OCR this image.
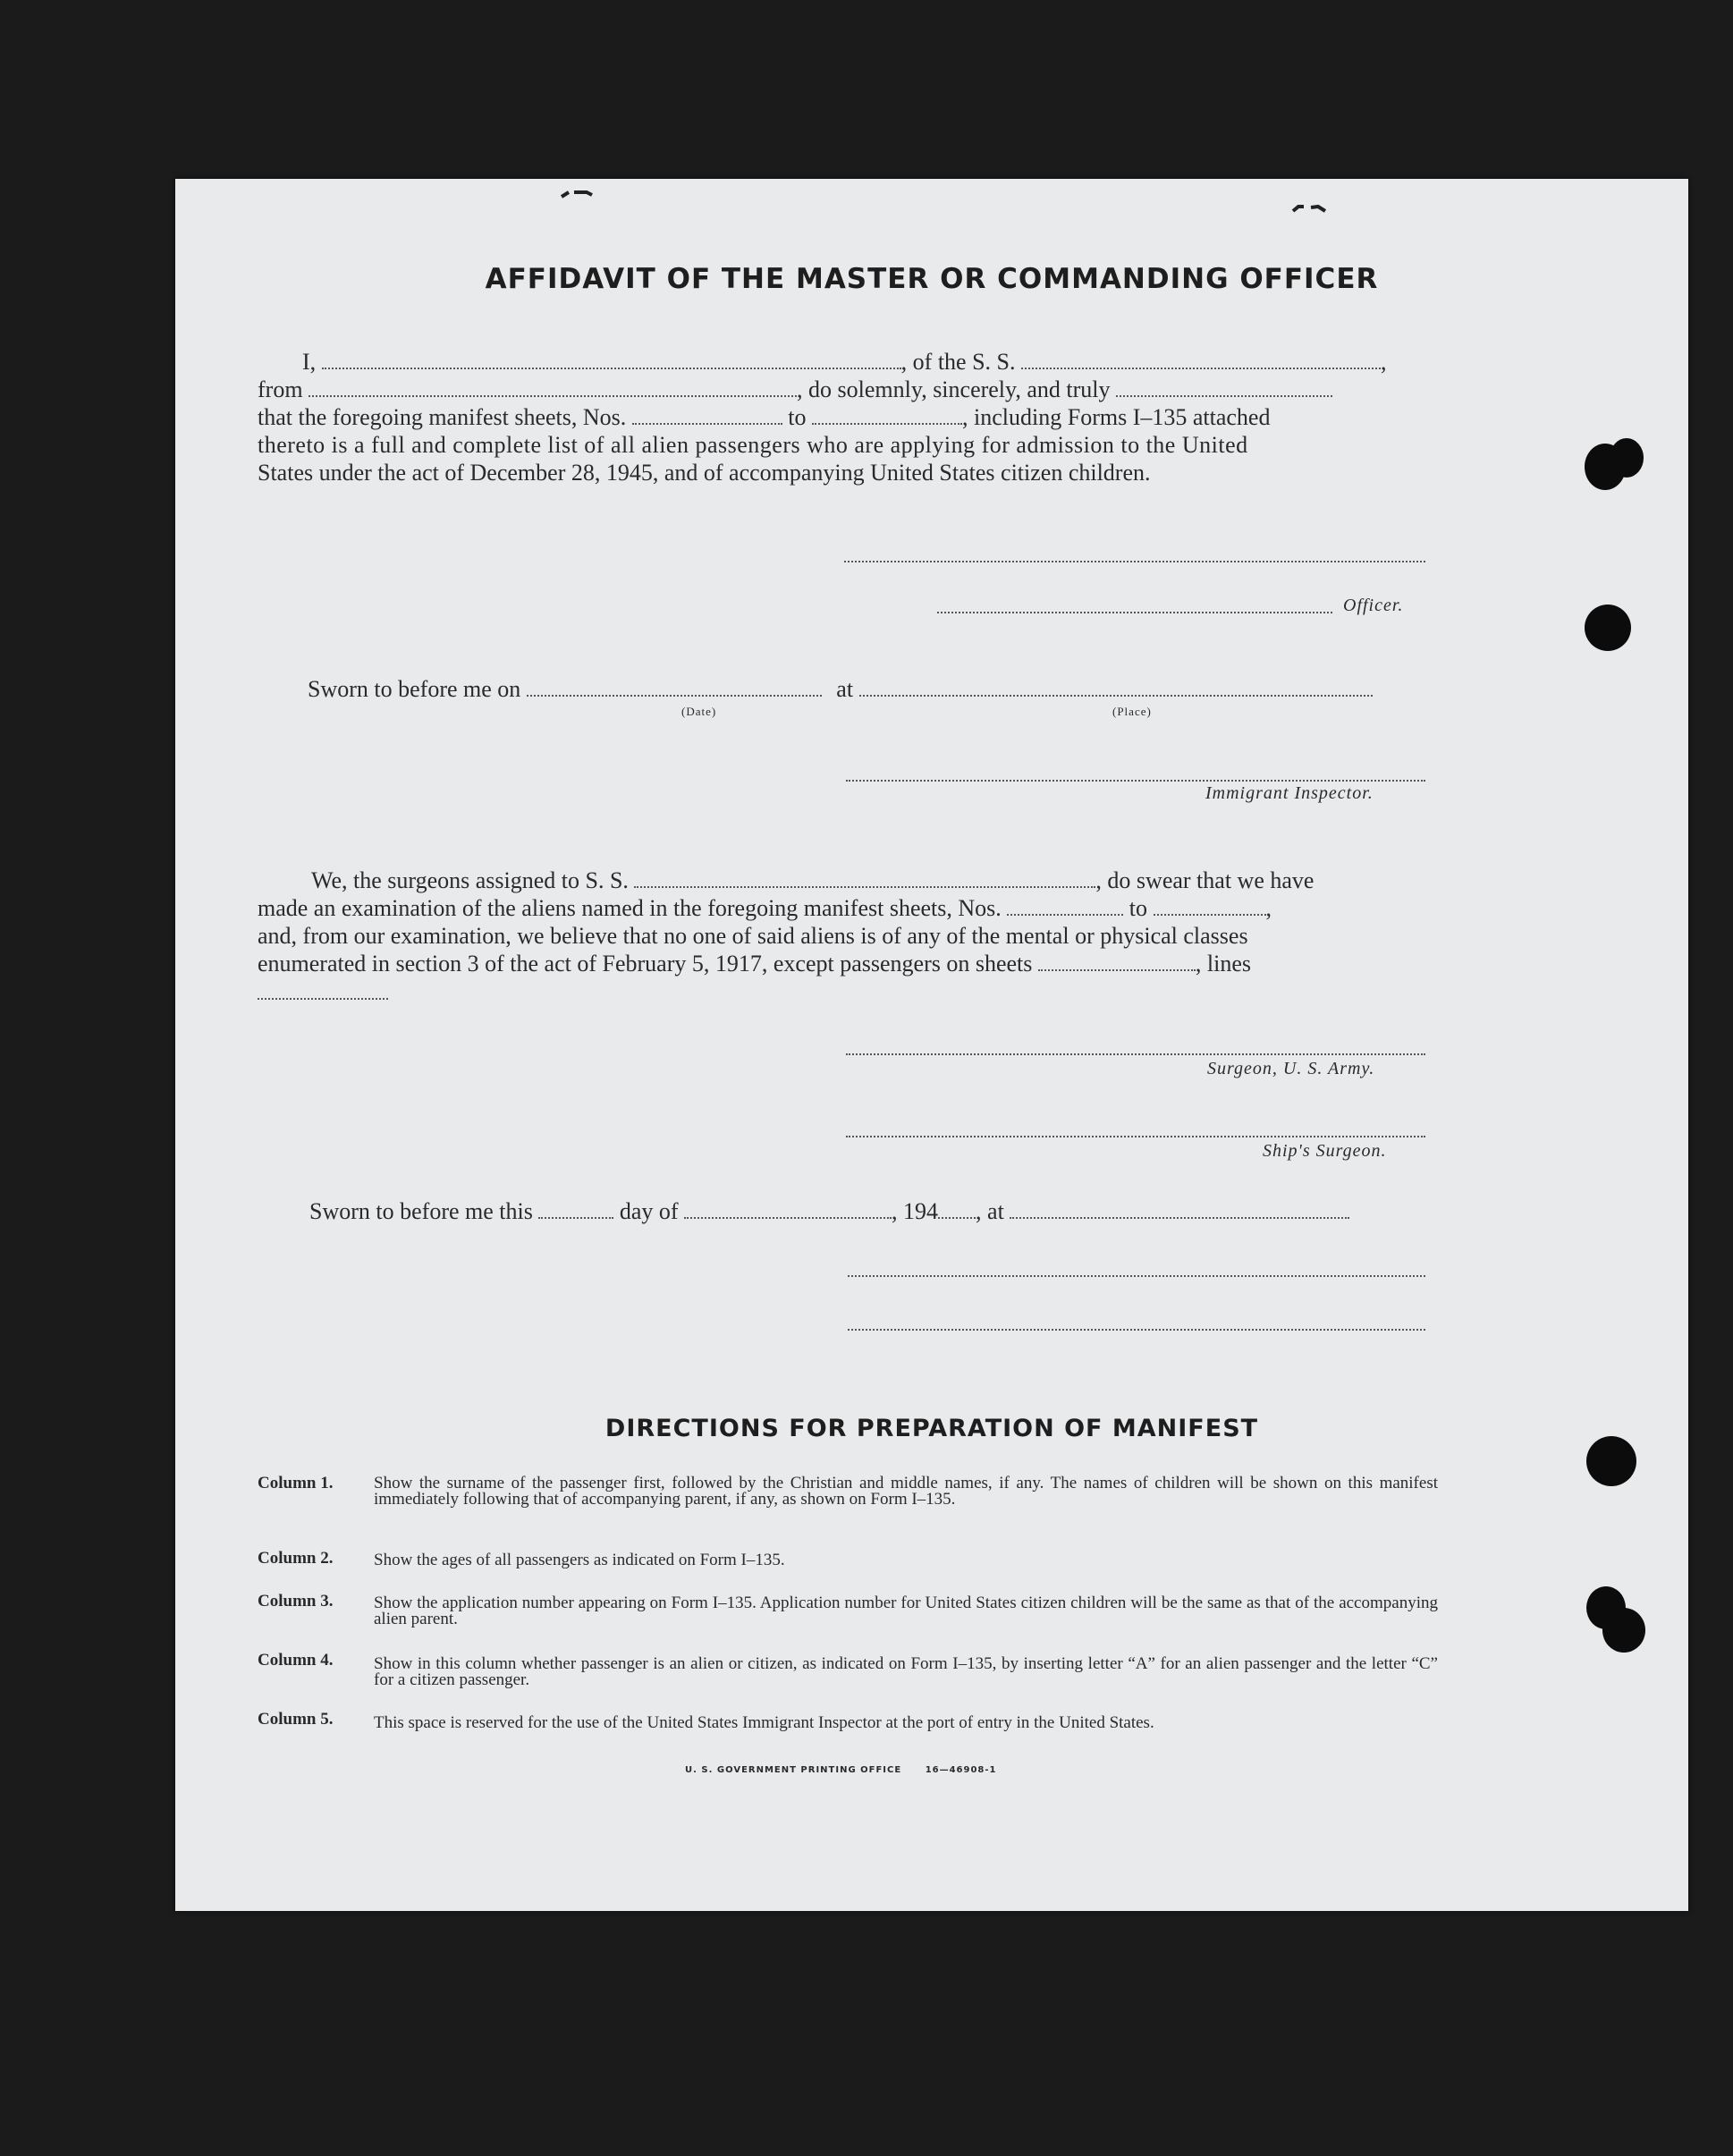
AFFIDAVIT OF THE MASTER OR COMMANDING OFFICER
I,	, of the S. S.	,
from	, do solemnly, sincerely, and truly
that the foregoing manifest sheets, Nos.	to	, including Forms I–135 attached
thereto is a full and complete list of all alien passengers who are applying for admission to the United
States under the act of December 28, 1945, and of accompanying United States citizen children.
Officer.
Sworn to before me on	at
(Date)	(Place)
Immigrant Inspector.
We, the surgeons assigned to S. S.	, do swear that we have
made an examination of the aliens named in the foregoing manifest sheets, Nos.	to	,
and, from our examination, we believe that no one of said aliens is of any of the mental or physical classes
enumerated in section 3 of the act of February 5, 1917, except passengers on sheets	, lines
Surgeon, U. S. Army.
Ship's Surgeon.
Sworn to before me this	day of	, 194 , at
DIRECTIONS FOR PREPARATION OF MANIFEST
Column 1. Show the surname of the passenger first, followed by the Christian and middle names, if any. The names of children will be shown on this manifest immediately following that of accompanying parent, if any, as shown on Form I–135.
Column 2. Show the ages of all passengers as indicated on Form I–135.
Column 3. Show the application number appearing on Form I–135. Application number for United States citizen children will be the same as that of the accompanying alien parent.
Column 4. Show in this column whether passenger is an alien or citizen, as indicated on Form I–135, by inserting letter “A” for an alien passenger and the letter “C” for a citizen passenger.
Column 5. This space is reserved for the use of the United States Immigrant Inspector at the port of entry in the United States.
U. S. GOVERNMENT PRINTING OFFICE	16—46908-1
